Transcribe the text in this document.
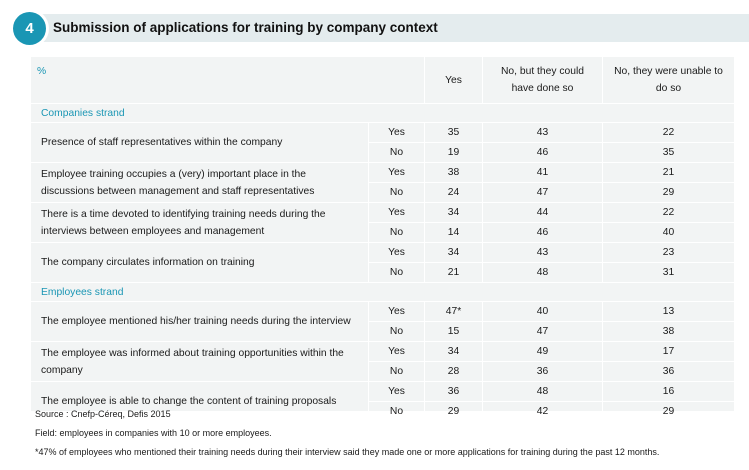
4	Submission of applications for training by company context
%		Yes	No, but they could have done so	No, they were unable to do so
Companies strand				
Presence of staff representatives within the company	Yes	35	43	22
	No	19	46	35
Employee training occupies a (very) important place in the discussions between management and staff representatives	Yes	38	41	21
	No	24	47	29
There is a time devoted to identifying training needs during the interviews between employees and management	Yes	34	44	22
	No	14	46	40
The company circulates information on training	Yes	34	43	23
	No	21	48	31
Employees strand				
The employee mentioned his/her training needs during the interview	Yes	47*	40	13
	No	15	47	38
The employee was informed about training opportunities within the company	Yes	34	49	17
	No	28	36	36
The employee is able to change the content of training proposals	Yes	36	48	16
	No	29	42	29
Source : Cnefp-Céreq, Defis 2015
Field: employees in companies with 10 or more employees.
*47% of employees who mentioned their training needs during their interview said they made one or more applications for training during the past 12 months.
